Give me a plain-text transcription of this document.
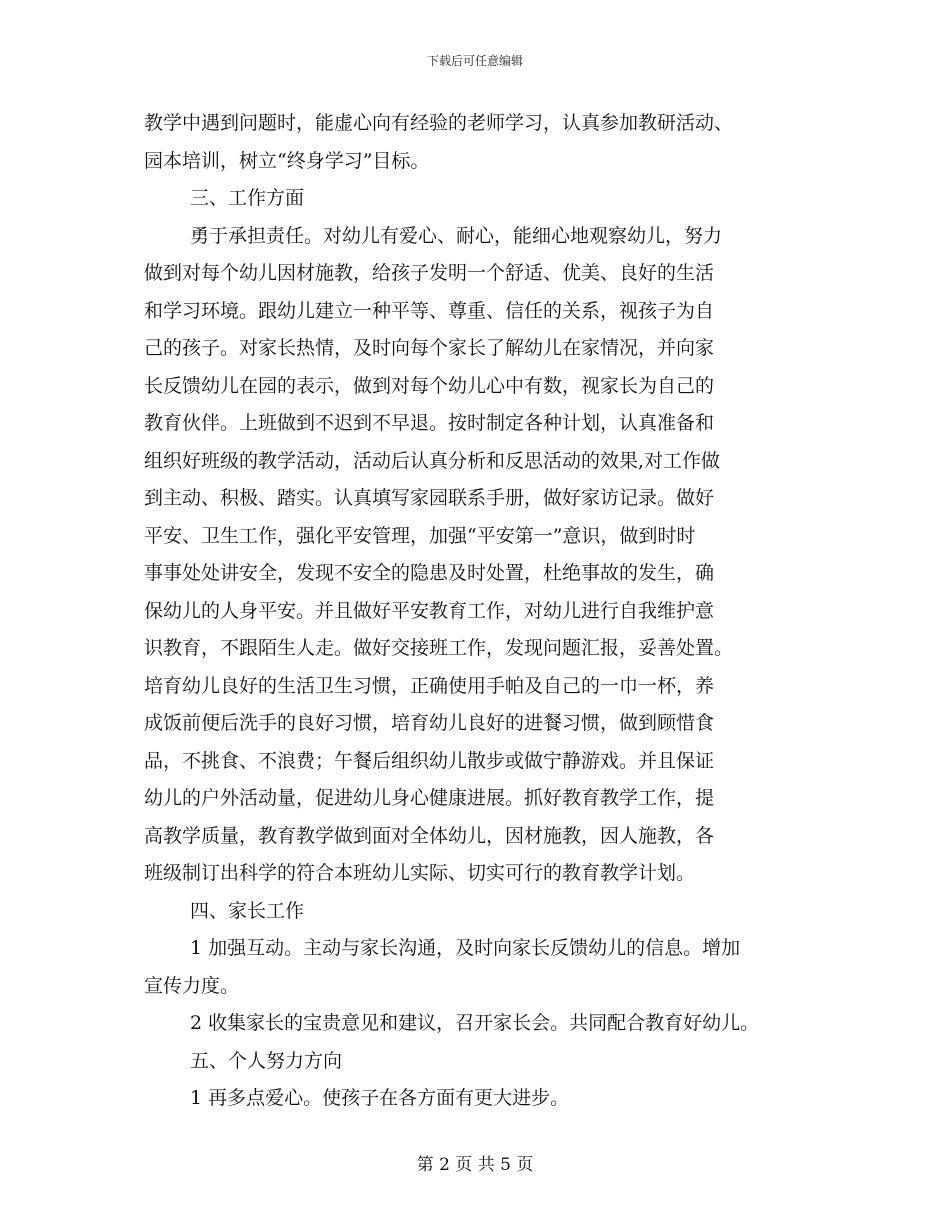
下载后可任意编辑
教学中遇到问题时，能虚心向有经验的老师学习，认真参加教研活动、
园本培训，树立“终身学习”目标。
三、工作方面
勇于承担责任。对幼儿有爱心、耐心，能细心地观察幼儿，努力
做到对每个幼儿因材施教，给孩子发明一个舒适、优美、良好的生活
和学习环境。跟幼儿建立一种平等、尊重、信任的关系，视孩子为自
己的孩子。对家长热情，及时向每个家长了解幼儿在家情况，并向家
长反馈幼儿在园的表示，做到对每个幼儿心中有数，视家长为自己的
教育伙伴。上班做到不迟到不早退。按时制定各种计划，认真准备和
组织好班级的教学活动，活动后认真分析和反思活动的效果,对工作做
到主动、积极、踏实。认真填写家园联系手册，做好家访记录。做好
平安、卫生工作，强化平安管理，加强“平安第一”意识，做到时时
事事处处讲安全，发现不安全的隐患及时处置，杜绝事故的发生，确
保幼儿的人身平安。并且做好平安教育工作，对幼儿进行自我维护意
识教育，不跟陌生人走。做好交接班工作，发现问题汇报，妥善处置。
培育幼儿良好的生活卫生习惯，正确使用手帕及自己的一巾一杯，养
成饭前便后洗手的良好习惯，培育幼儿良好的进餐习惯，做到顾惜食
品，不挑食、不浪费；午餐后组织幼儿散步或做宁静游戏。并且保证
幼儿的户外活动量，促进幼儿身心健康进展。抓好教育教学工作，提
高教学质量，教育教学做到面对全体幼儿，因材施教，因人施教，各
班级制订出科学的符合本班幼儿实际、切实可行的教育教学计划。
四、家长工作
1 加强互动。主动与家长沟通，及时向家长反馈幼儿的信息。增加
宣传力度。
2 收集家长的宝贵意见和建议，召开家长会。共同配合教育好幼儿。
五、个人努力方向
1 再多点爱心。使孩子在各方面有更大进步。
第 2 页 共 5 页
